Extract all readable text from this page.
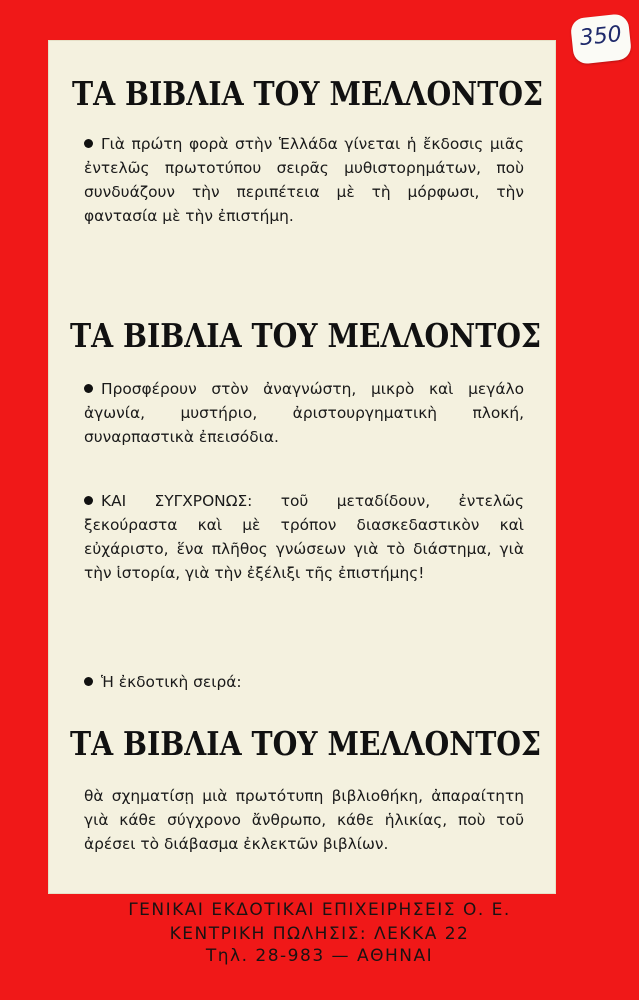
350
ΤΑ ΒΙΒΛΙΑ ΤΟΥ ΜΕΛΛΟΝΤΟΣ
Γιὰ πρώτη φορὰ στὴν Ἑλλάδα γίνεται ἡ ἔκδοσις μιᾶς ἐντελῶς πρωτοτύπου σειρᾶς μυθιστορημάτων, ποὺ συνδυάζουν τὴν περιπέτεια μὲ τὴ μόρφωσι, τὴν φαντασία μὲ τὴν ἐπιστήμη.
ΤΑ ΒΙΒΛΙΑ ΤΟΥ ΜΕΛΛΟΝΤΟΣ
Προσφέρουν στὸν ἀναγνώστη, μικρὸ καὶ μεγάλο ἀγωνία, μυστήριο, ἀριστουργηματικὴ πλοκή, συναρπαστικὰ ἐπεισόδια.
ΚΑΙ ΣΥΓΧΡΟΝΩΣ: τοῦ μεταδίδουν, ἐντελῶς ξεκούραστα καὶ μὲ τρόπον διασκεδαστικὸν καὶ εὐχάριστο, ἕνα πλῆθος γνώσεων γιὰ τὸ διάστημα, γιὰ τὴν ἱστορία, γιὰ τὴν ἐξέλιξι τῆς ἐπιστήμης!
Ἡ ἐκδοτικὴ σειρά:
ΤΑ ΒΙΒΛΙΑ ΤΟΥ ΜΕΛΛΟΝΤΟΣ
θὰ σχηματίσῃ μιὰ πρωτότυπη βιβλιοθήκη, ἀπαραίτητη γιὰ κάθε σύγχρονο ἄνθρωπο, κάθε ἡλικίας, ποὺ τοῦ ἀρέσει τὸ διάβασμα ἐκλεκτῶν βιβλίων.
ΓΕΝΙΚΑΙ ΕΚΔΟΤΙΚΑΙ ΕΠΙΧΕΙΡΗΣΕΙΣ Ο. Ε.
ΚΕΝΤΡΙΚΗ ΠΩΛΗΣΙΣ: ΛΕΚΚΑ 22
Τηλ. 28-983 — ΑΘΗΝΑΙ
